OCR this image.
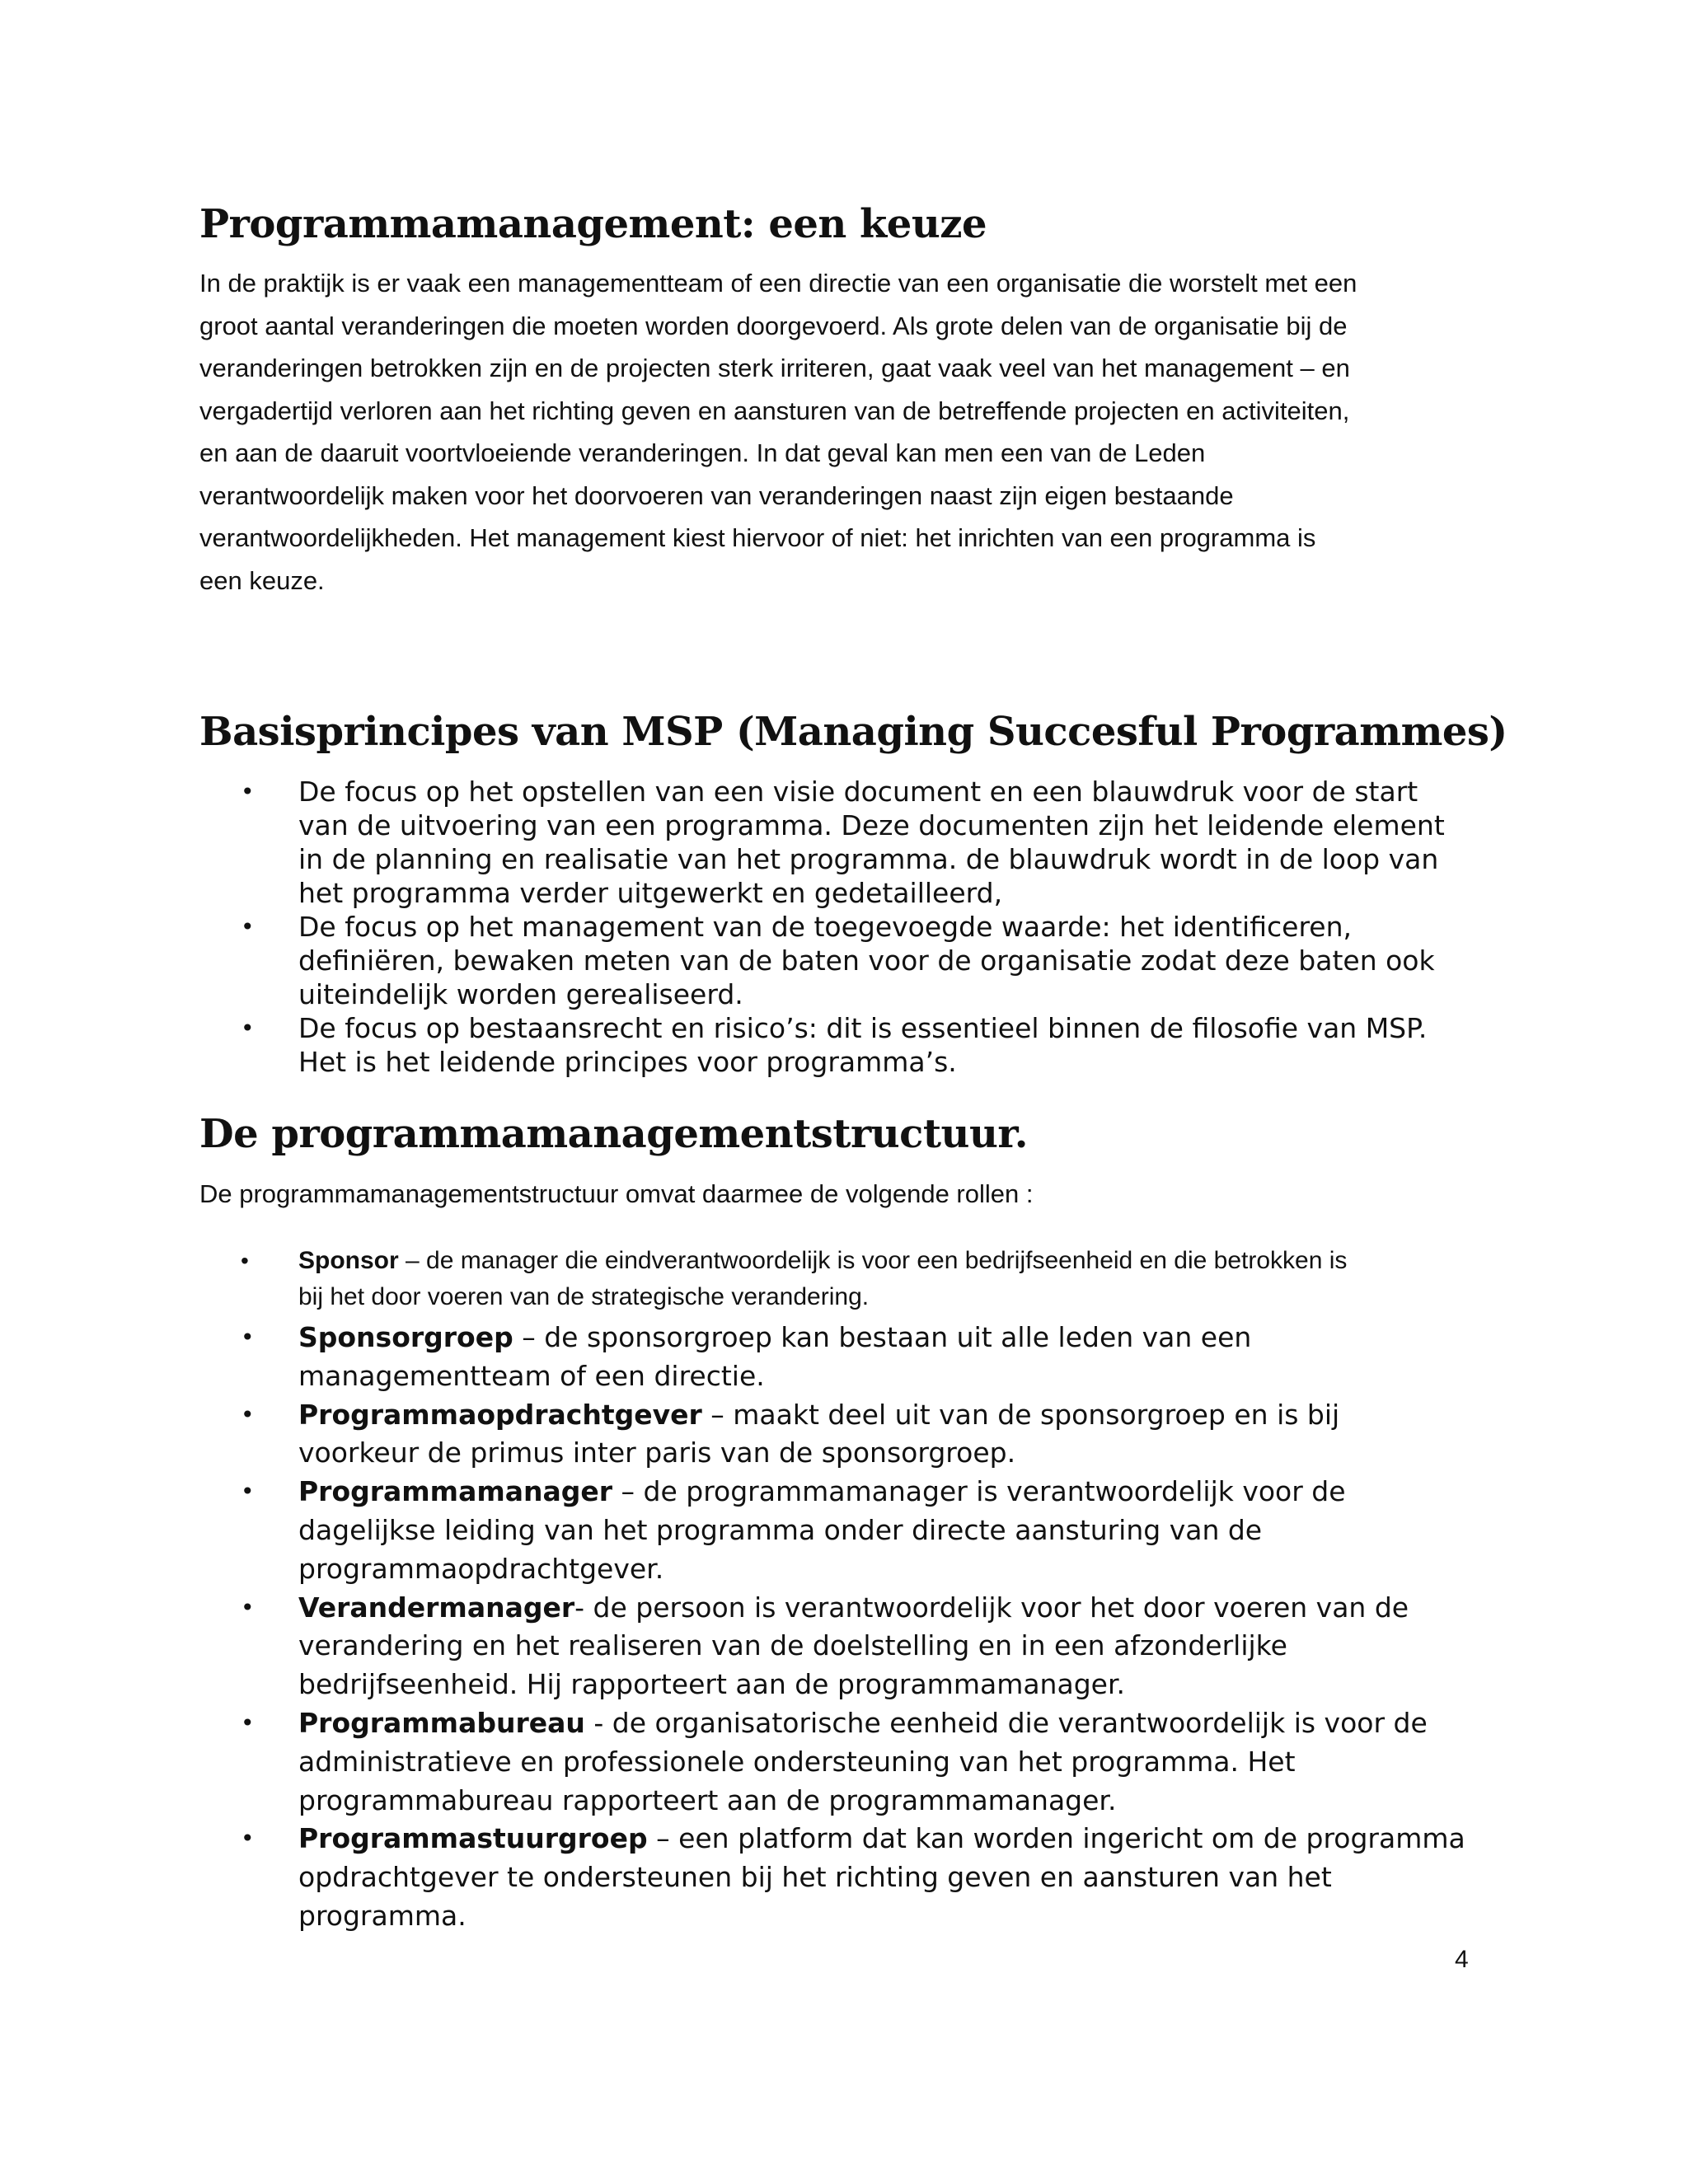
Programmamanagement: een keuze
In de praktijk is er vaak een managementteam of een directie van een organisatie die worstelt met een
groot aantal veranderingen die moeten worden doorgevoerd. Als grote delen van de organisatie bij de
veranderingen betrokken zijn en de projecten sterk irriteren, gaat vaak veel van het management – en
vergadertijd verloren aan het richting geven en aansturen van de betreffende projecten en activiteiten,
en aan de daaruit voortvloeiende veranderingen. In dat geval kan men een van de Leden
verantwoordelijk maken voor het doorvoeren van veranderingen naast zijn eigen bestaande
verantwoordelijkheden. Het management kiest hiervoor of niet: het inrichten van een programma is
een keuze.
Basisprincipes van MSP (Managing Succesful Programmes)
• De focus op het opstellen van een visie document en een blauwdruk voor de start
van de uitvoering van een programma. Deze documenten zijn het leidende element
in de planning en realisatie van het programma. de blauwdruk wordt in de loop van
het programma verder uitgewerkt en gedetailleerd,
• De focus op het management van de toegevoegde waarde: het identificeren,
definiëren, bewaken meten van de baten voor de organisatie zodat deze baten ook
uiteindelijk worden gerealiseerd.
• De focus op bestaansrecht en risico’s: dit is essentieel binnen de filosofie van MSP.
Het is het leidende principes voor programma’s.
De programmamanagementstructuur.

De programmamanagementstructuur omvat daarmee de volgende rollen :

• Sponsor – de manager die eindverantwoordelijk is voor een bedrijfseenheid en die betrokken is
bij het door voeren van de strategische verandering.
• Sponsorgroep – de sponsorgroep kan bestaan uit alle leden van een
managementteam of een directie.
• Programmaopdrachtgever – maakt deel uit van de sponsorgroep en is bij
voorkeur de primus inter paris van de sponsorgroep.
• Programmamanager – de programmamanager is verantwoordelijk voor de
dagelijkse leiding van het programma onder directe aansturing van de
programmaopdrachtgever.
• Verandermanager- de persoon is verantwoordelijk voor het door voeren van de
verandering en het realiseren van de doelstelling en in een afzonderlijke
bedrijfseenheid. Hij rapporteert aan de programmamanager.
• Programmabureau - de organisatorische eenheid die verantwoordelijk is voor de
administratieve en professionele ondersteuning van het programma. Het
programmabureau rapporteert aan de programmamanager.
• Programmastuurgroep – een platform dat kan worden ingericht om de programma
opdrachtgever te ondersteunen bij het richting geven en aansturen van het
programma.

4
